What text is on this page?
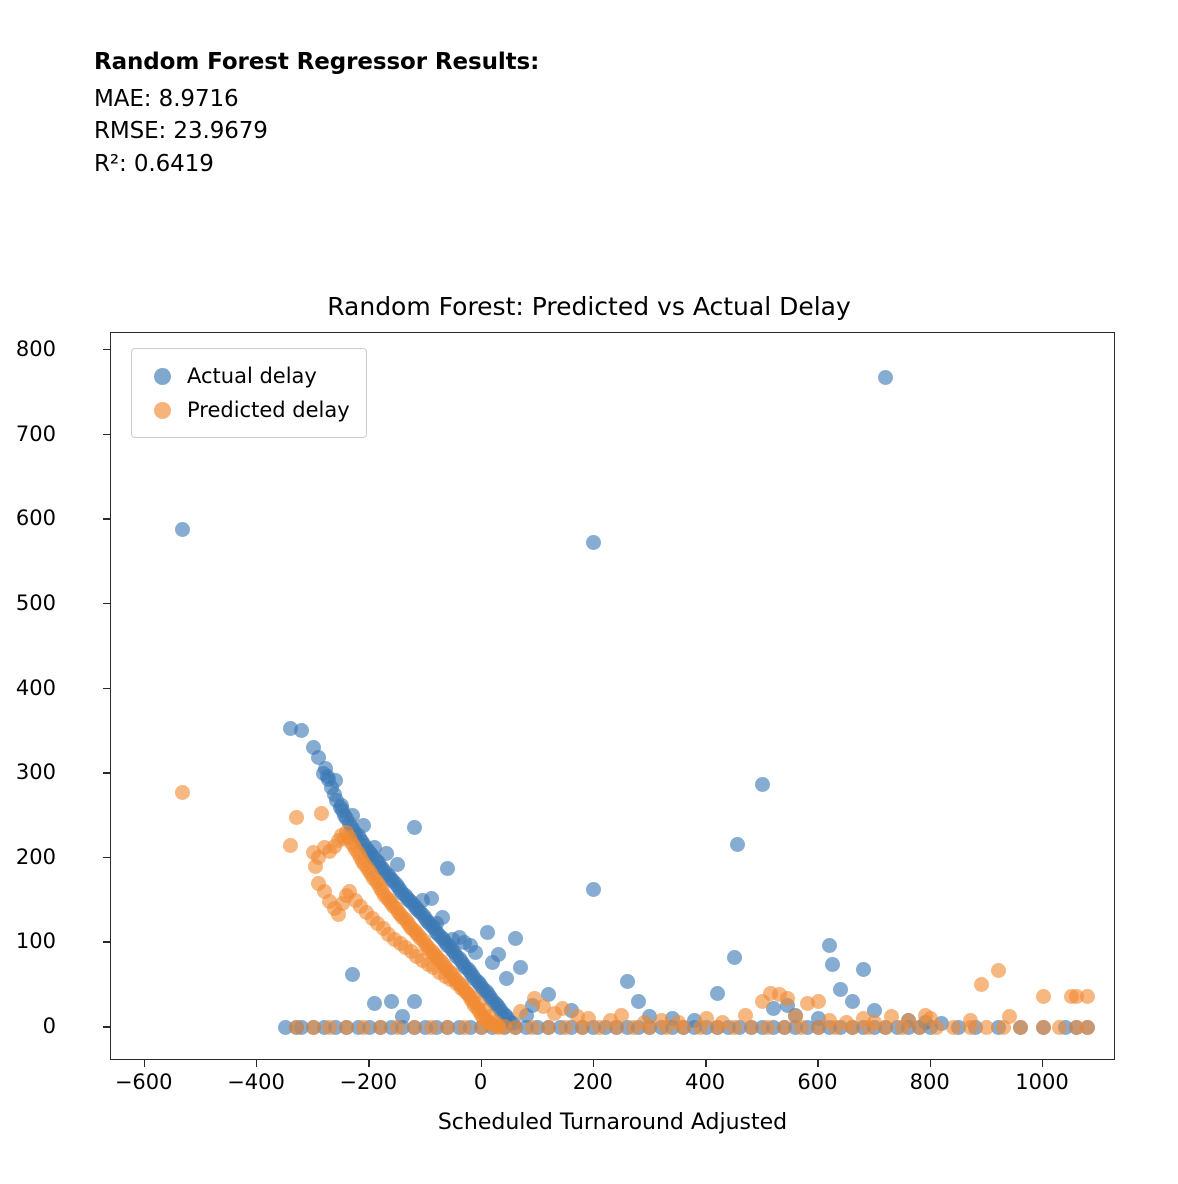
Random Forest Regressor Results:
MAE: 8.9716
RMSE: 23.9679
R²: 0.6419
Random Forest: Predicted vs Actual Delay
Scheduled Turnaround Adjusted
0
100
200
300
400
500
600
700
800
−600	−400	−200	0	200	400	600	800	1000
Actual delay
Predicted delay
